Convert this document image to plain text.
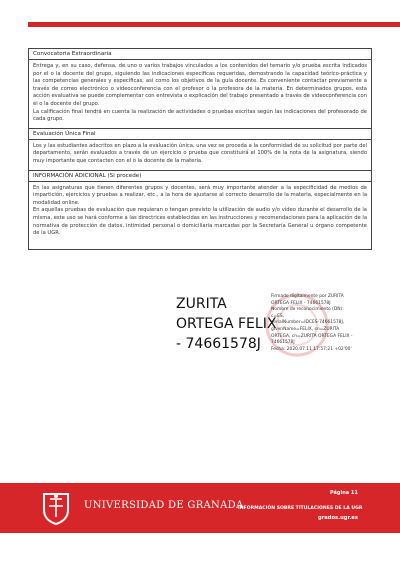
Convocatoria Extraordinaria

Entrega y, en su caso, defensa, de uno o varios trabajos vinculados a los contenidos del temario y/o prueba escrita indicados por el o la docente del grupo, siguiendo las indicaciones especificas requeridas, demostrando la capacidad teórico-práctica y las competencias generales y específicas, así como los objetivos de la guía docente. Es conveniente contactar previamente a través de correo electrónico o videoconferencia con el profesor o la profesora de la materia. En determinados grupos, esta acción evaluativa se puede complementar con entrevista o explicación del trabajo presentado a través de videoconferencia con él o la docente del grupo.

La calificación final tendrá en cuenta la realización de actividades o pruebas escritas según las indicaciones del profesorado de cada grupo.

Evaluación Única Final

Los y las estudiantes adscritos en plazo a la evaluación única, una vez se proceda a la conformidad de su solicitud por parte del departamento, serán evaluados a través de un ejercicio o prueba que constituirá el 100% de la nota de la asignatura, siendo muy importante que contacten con el o la docente de la materia.

INFORMACIÓN ADICIONAL (Si procede)

En las asignaturas que tienen diferentes grupos y docentes, será muy importante atender a la especificidad de medios de impartición, ejercicios y pruebas a realizar, etc., a la hora de ajustarse al correcto desarrollo de la materia, especialmente en la modalidad online.

En aquellas pruebas de evaluación que requieran o tengan previsto la utilización de audio y/o vídeo durante el desarrollo de la misma, este uso se hará conforme a las directrices establecidas en las instrucciones y recomendaciones para la aplicación de la normativa de protección de datos, intimidad personal o domiciliaria marcadas por la Secretaría General u órgano competente de la UGR.

ZURITA
ORTEGA FELIX
- 74661578J
Firmado digitalmente por ZURITA
ORTEGA FELIX - 74661578J
Nombre de reconocimiento (DN):
c=ES,
serialNumber=IDCES-74661578J,
givenName=FELIX, sn=ZURITA
ORTEGA, cn=ZURITA ORTEGA FELIX -
74661578J
Fecha: 2020.07.11 17:57:21 +02'00'
UNIVERSIDAD DE GRANADA
Página 11
INFORMACIÓN SOBRE TITULACIONES DE LA UGR
grados.ugr.es
